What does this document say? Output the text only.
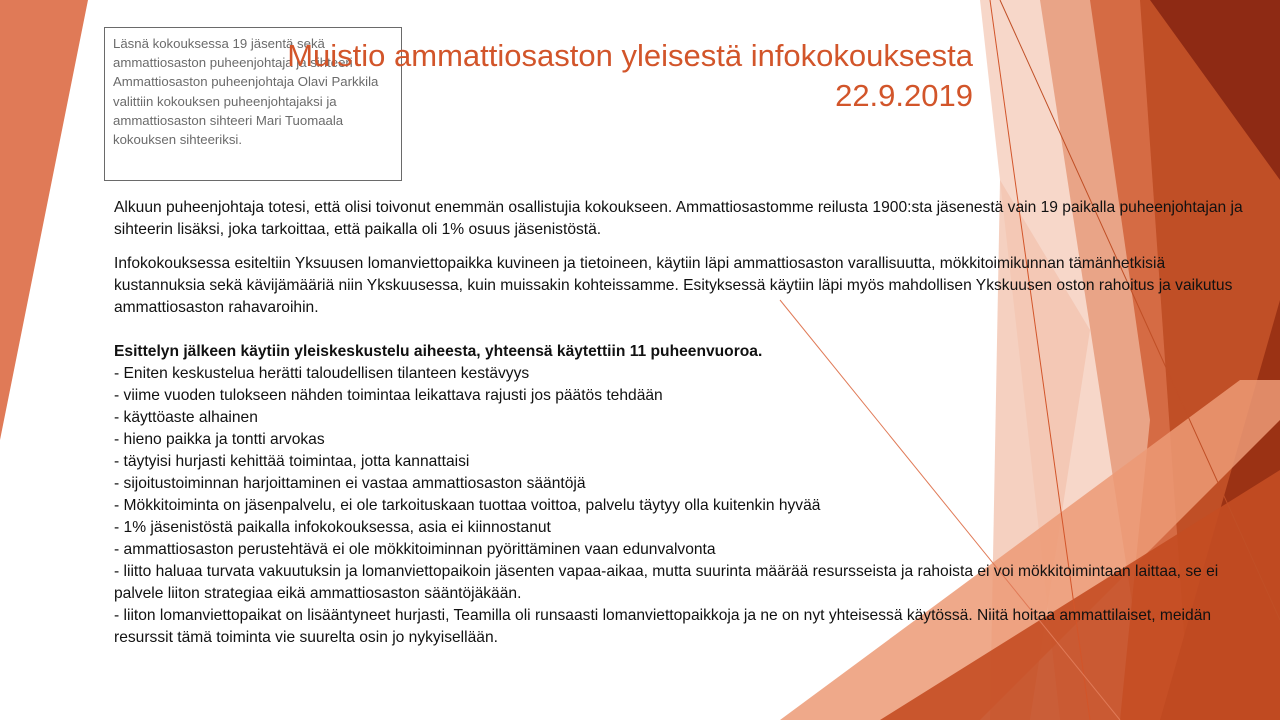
Läsnä kokouksessa 19 jäsentä sekä ammattiosaston puheenjohtaja ja sihteeri Ammattiosaston puheenjohtaja Olavi Parkkila valittiin kokouksen puheenjohtajaksi ja ammattiosaston sihteeri Mari Tuomaala kokouksen sihteeriksi.
Muistio ammattiosaston yleisestä infokokouksesta
22.9.2019

Alkuun puheenjohtaja totesi, että olisi toivonut enemmän osallistujia kokoukseen. Ammattiosastomme reilusta 1900:sta jäsenestä vain 19 paikalla puheenjohtajan ja sihteerin lisäksi, joka tarkoittaa, että paikalla oli 1% osuus jäsenistöstä.

Infokokouksessa esiteltiin Yksuusen lomanviettopaikka kuvineen ja tietoineen, käytiin läpi ammattiosaston varallisuutta, mökkitoimikunnan tämänhetkisiä kustannuksia sekä kävijämääriä niin Ykskuusessa, kuin muissakin kohteissamme. Esityksessä käytiin läpi myös mahdollisen Ykskuusen oston rahoitus ja vaikutus ammattiosaston rahavaroihin.

Esittelyn jälkeen käytiin yleiskeskustelu aiheesta, yhteensä käytettiin 11 puheenvuoroa.

- Eniten keskustelua herätti taloudellisen tilanteen kestävyys
- viime vuoden tulokseen nähden toimintaa leikattava rajusti jos päätös tehdään
- käyttöaste alhainen
- hieno paikka ja tontti arvokas
- täytyisi hurjasti kehittää toimintaa, jotta kannattaisi
- sijoitustoiminnan harjoittaminen ei vastaa ammattiosaston sääntöjä
- Mökkitoiminta on jäsenpalvelu, ei ole tarkoituskaan tuottaa voittoa, palvelu täytyy olla kuitenkin hyvää
- 1% jäsenistöstä paikalla infokokouksessa, asia ei kiinnostanut
- ammattiosaston perustehtävä ei ole mökkitoiminnan pyörittäminen vaan edunvalvonta
- liitto haluaa turvata vakuutuksin ja lomanviettopaikoin jäsenten vapaa-aikaa, mutta suurinta määrää resursseista ja rahoista ei voi mökkitoimintaan laittaa, se ei palvele liiton strategiaa eikä ammattiosaston sääntöjäkään.
- liiton lomanviettopaikat on lisääntyneet hurjasti, Teamilla oli runsaasti lomanviettopaikkoja ja ne on nyt yhteisessä käytössä. Niitä hoitaa ammattilaiset, meidän resurssit tämä toiminta vie suurelta osin jo nykyisellään.
